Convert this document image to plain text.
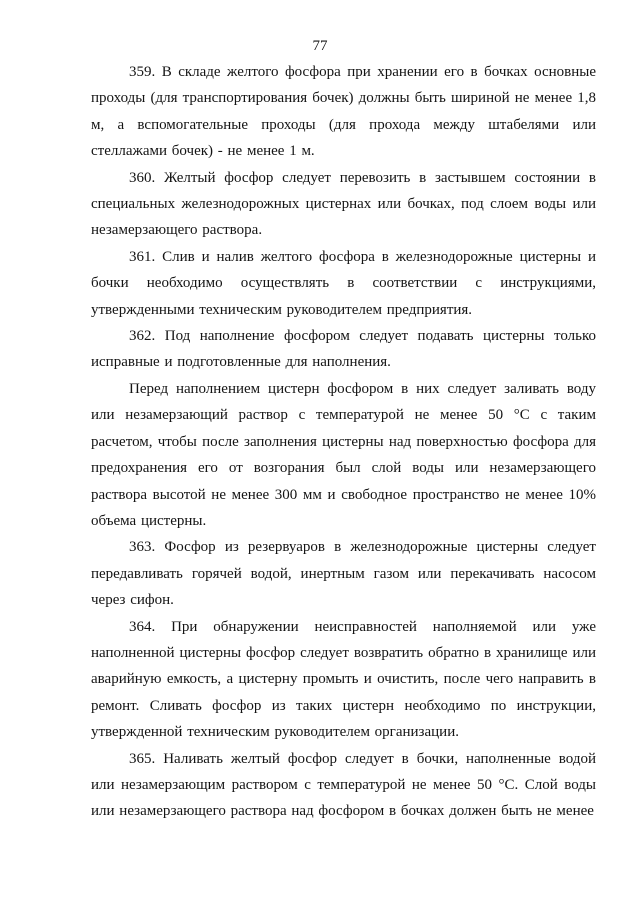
77

359. В складе желтого фосфора при хранении его в бочках основные проходы (для транспортирования бочек) должны быть шириной не менее 1,8 м, а вспомогательные проходы (для прохода между штабелями или стеллажами бочек) - не менее 1 м.

360. Желтый фосфор следует перевозить в застывшем состоянии в специальных железнодорожных цистернах или бочках, под слоем воды или незамерзающего раствора.

361. Слив и налив желтого фосфора в железнодорожные цистерны и бочки необходимо осуществлять в соответствии с инструкциями, утвержденными техническим руководителем предприятия.

362. Под наполнение фосфором следует подавать цистерны только исправные и подготовленные для наполнения.

Перед наполнением цистерн фосфором в них следует заливать воду или незамерзающий раствор с температурой не менее 50 °С с таким расчетом, чтобы после заполнения цистерны над поверхностью фосфора для предохранения его от возгорания был слой воды или незамерзающего раствора высотой не менее 300 мм и свободное пространство не менее 10% объема цистерны.

363. Фосфор из резервуаров в железнодорожные цистерны следует передавливать горячей водой, инертным газом или перекачивать насосом через сифон.

364. При обнаружении неисправностей наполняемой или уже наполненной цистерны фосфор следует возвратить обратно в хранилище или аварийную емкость, а цистерну промыть и очистить, после чего направить в ремонт. Сливать фосфор из таких цистерн необходимо по инструкции, утвержденной техническим руководителем организации.

365. Наливать желтый фосфор следует в бочки, наполненные водой или незамерзающим раствором с температурой не менее 50 °С. Слой воды или незамерзающего раствора над фосфором в бочках должен быть не менее
